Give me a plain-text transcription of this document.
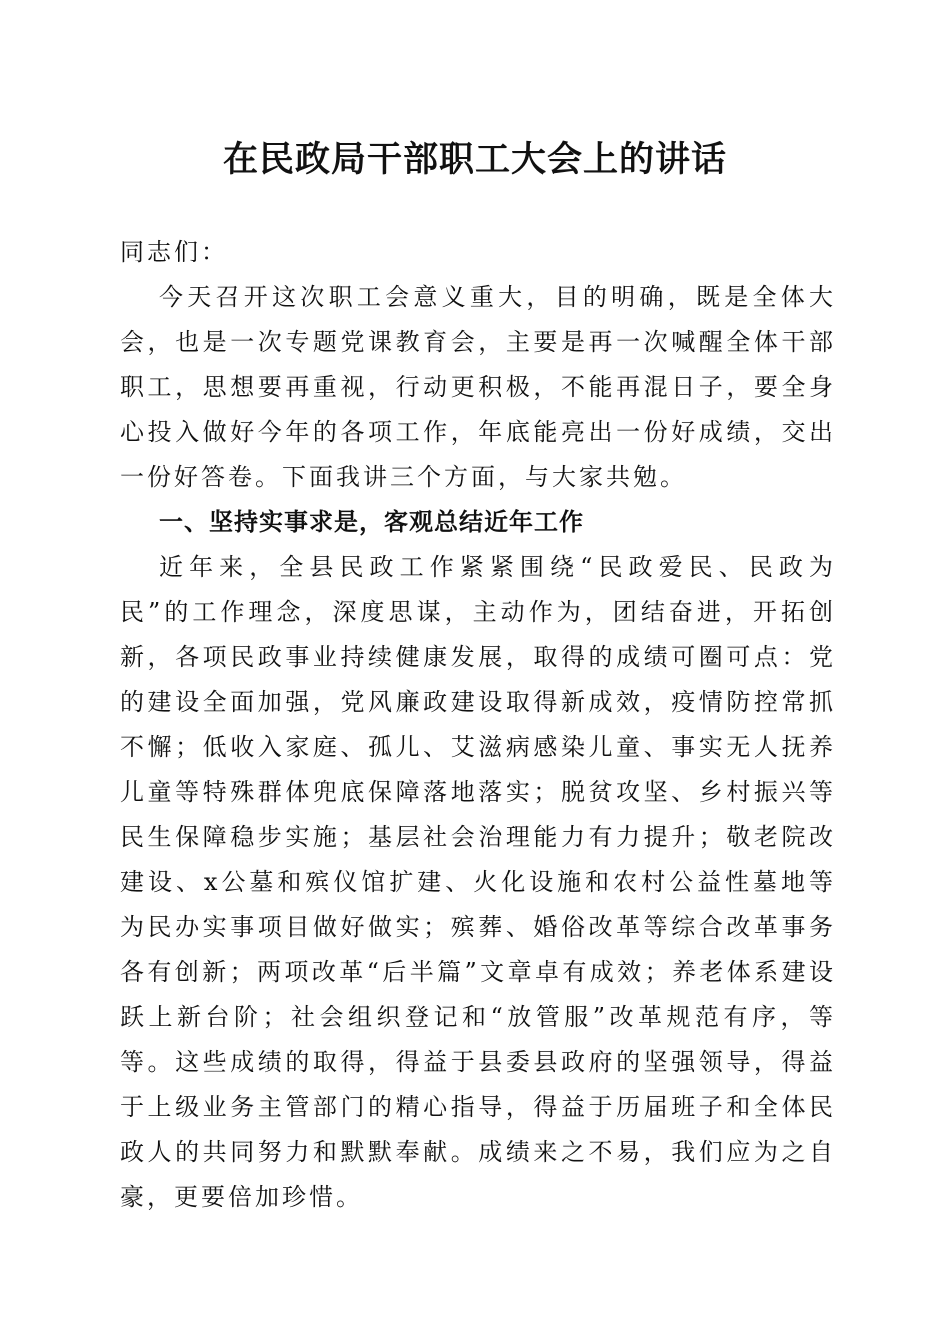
在民政局干部职工大会上的讲话

同志们：

今天召开这次职工会意义重大，目的明确，既是全体大会，也是一次专题党课教育会，主要是再一次喊醒全体干部职工，思想要再重视，行动更积极，不能再混日子，要全身心投入做好今年的各项工作，年底能亮出一份好成绩，交出一份好答卷。下面我讲三个方面，与大家共勉。

一、坚持实事求是，客观总结近年工作

近年来，全县民政工作紧紧围绕“民政爱民、民政为民”的工作理念，深度思谋，主动作为，团结奋进，开拓创新，各项民政事业持续健康发展，取得的成绩可圈可点：党的建设全面加强，党风廉政建设取得新成效，疫情防控常抓不懈；低收入家庭、孤儿、艾滋病感染儿童、事实无人抚养儿童等特殊群体兜底保障落地落实；脱贫攻坚、乡村振兴等民生保障稳步实施；基层社会治理能力有力提升；敬老院改建设、x公墓和殡仪馆扩建、火化设施和农村公益性墓地等为民办实事项目做好做实；殡葬、婚俗改革等综合改革事务各有创新；两项改革“后半篇”文章卓有成效；养老体系建设跃上新台阶；社会组织登记和“放管服”改革规范有序，等等。这些成绩的取得，得益于县委县政府的坚强领导，得益于上级业务主管部门的精心指导，得益于历届班子和全体民政人的共同努力和默默奉献。成绩来之不易，我们应为之自豪，更要倍加珍惜。
